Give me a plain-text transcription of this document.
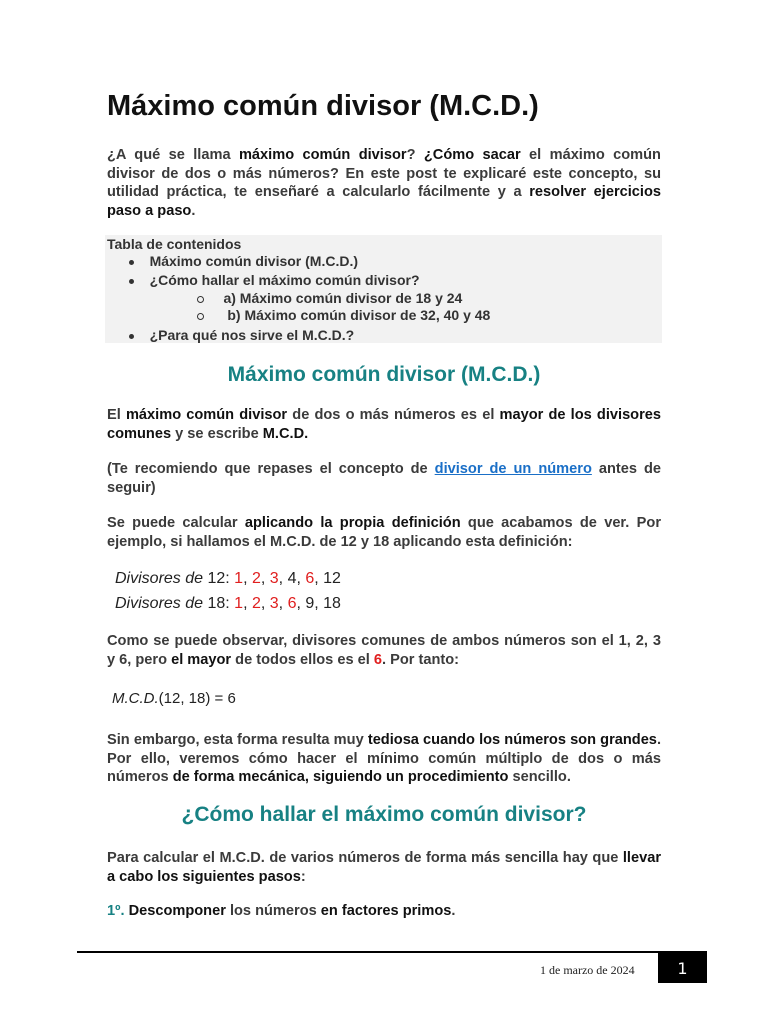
Máximo común divisor (M.C.D.)

¿A qué se llama máximo común divisor? ¿Cómo sacar el máximo común divisor de dos o más números? En este post te explicaré este concepto, su utilidad práctica, te enseñaré a calcularlo fácilmente y a resolver ejercicios paso a paso.

Tabla de contenidos
Máximo común divisor (M.C.D.)
¿Cómo hallar el máximo común divisor?
a) Máximo común divisor de 18 y 24
b) Máximo común divisor de 32, 40 y 48
¿Para qué nos sirve el M.C.D.?
Máximo común divisor (M.C.D.)

El máximo común divisor de dos o más números es el mayor de los divisores comunes y se escribe M.C.D.

(Te recomiendo que repases el concepto de divisor de un número antes de seguir)

Se puede calcular aplicando la propia definición que acabamos de ver. Por ejemplo, si hallamos el M.C.D. de 12 y 18 aplicando esta definición:

Divisores de 12: 1, 2, 3, 4, 6, 12
Divisores de 18: 1, 2, 3, 6, 9, 18

Como se puede observar, divisores comunes de ambos números son el 1, 2, 3 y 6, pero el mayor de todos ellos es el 6. Por tanto:

M.C.D.(12, 18) = 6

Sin embargo, esta forma resulta muy tediosa cuando los números son grandes. Por ello, veremos cómo hacer el mínimo común múltiplo de dos o más números de forma mecánica, siguiendo un procedimiento sencillo.

¿Cómo hallar el máximo común divisor?

Para calcular el M.C.D. de varios números de forma más sencilla hay que llevar a cabo los siguientes pasos:

1º. Descomponer los números en factores primos.

1 de marzo de 2024	1
